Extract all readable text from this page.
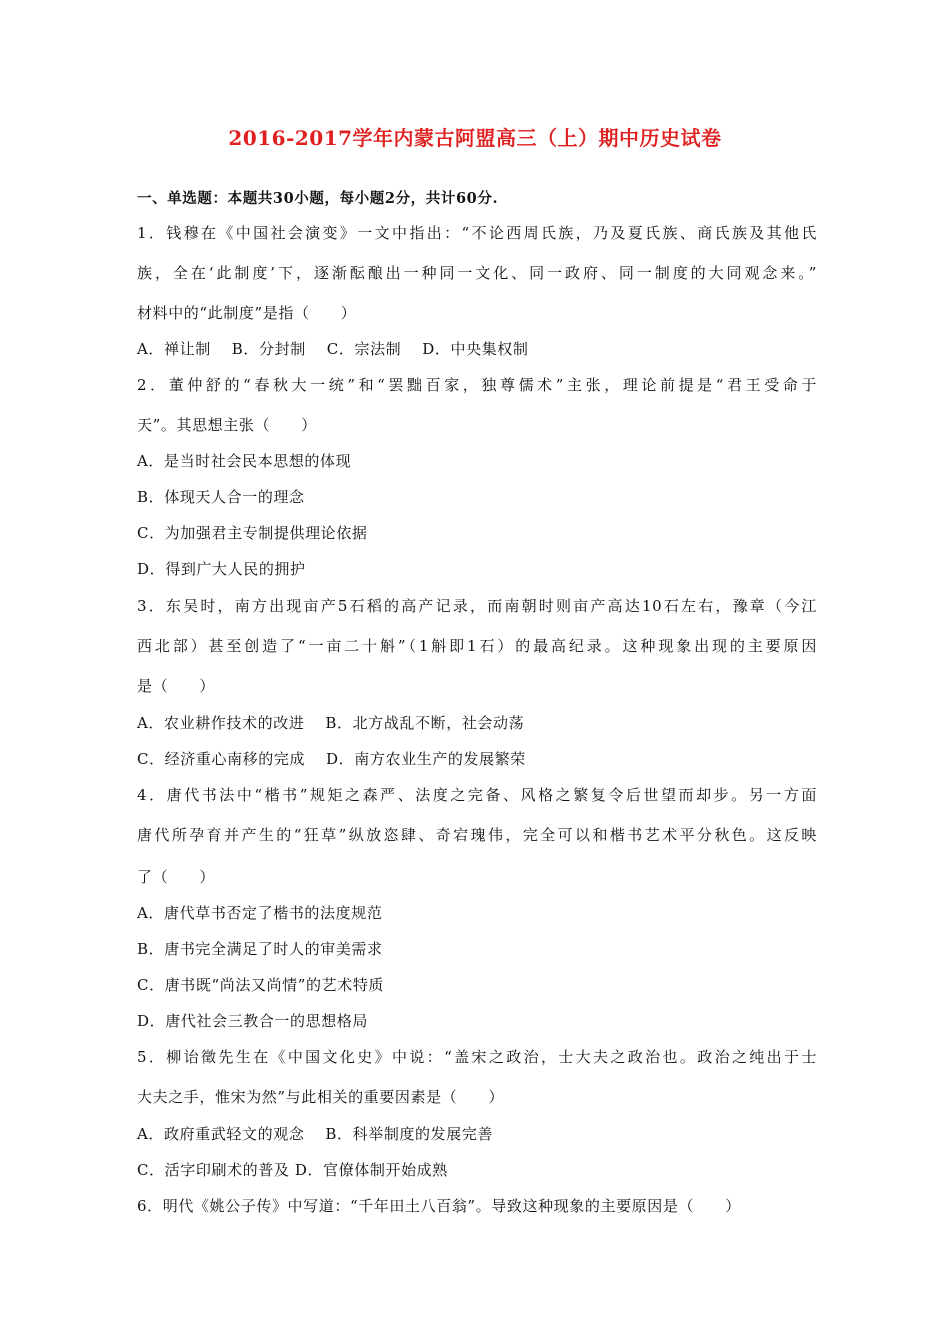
2016-2017学年内蒙古阿盟高三（上）期中历史试卷
一、单选题：本题共30小题，每小题2分，共计60分.
1．钱穆在《中国社会演变》一文中指出：“不论西周氏族，乃及夏氏族、商氏族及其他氏
族，全在‘此制度’下，逐渐酝酿出一种同一文化、同一政府、同一制度的大同观念来。”
材料中的“此制度”是指（　　）
A．禅让制　 B．分封制　 C．宗法制　 D．中央集权制
2．董仲舒的“春秋大一统”和“罢黜百家，独尊儒术”主张，理论前提是“君王受命于
天”。其思想主张（　　）
A．是当时社会民本思想的体现
B．体现天人合一的理念
C．为加强君主专制提供理论依据
D．得到广大人民的拥护
3．东吴时，南方出现亩产5石稻的高产记录，而南朝时则亩产高达10石左右，豫章（今江
西北部）甚至创造了“一亩二十斛”（1斛即1石）的最高纪录。这种现象出现的主要原因
是（　　）
A．农业耕作技术的改进　 B．北方战乱不断，社会动荡
C．经济重心南移的完成　 D．南方农业生产的发展繁荣
4．唐代书法中“楷书”规矩之森严、法度之完备、风格之繁复令后世望而却步。另一方面
唐代所孕育并产生的“狂草”纵放恣肆、奇宕瑰伟，完全可以和楷书艺术平分秋色。这反映
了（　　）
A．唐代草书否定了楷书的法度规范
B．唐书完全满足了时人的审美需求
C．唐书既“尚法又尚情”的艺术特质
D．唐代社会三教合一的思想格局
5．柳诒徵先生在《中国文化史》中说：“盖宋之政治，士大夫之政治也。政治之纯出于士
大夫之手，惟宋为然”与此相关的重要因素是（　　）
A．政府重武轻文的观念　 B．科举制度的发展完善
C．活字印刷术的普及 D．官僚体制开始成熟
6．明代《姚公子传》中写道：“千年田土八百翁”。导致这种现象的主要原因是（　　）
